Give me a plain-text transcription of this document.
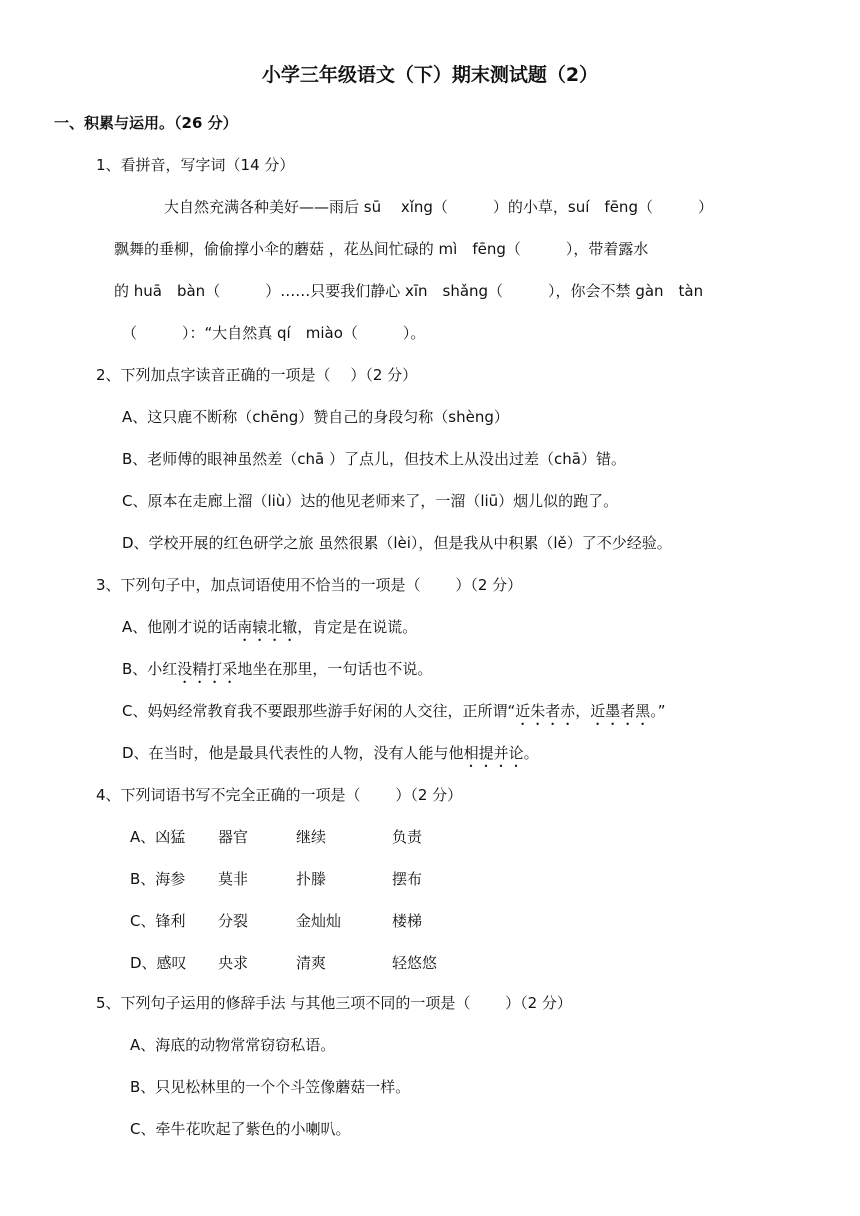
小学三年级语文（下）期末测试题（2）
一、积累与运用。（26 分）
1、看拼音，写字词（14 分）
大自然充满各种美好——雨后 sū　 xǐng（　　　）的小草，suí　fēng（　　　）
飘舞的垂柳，偷偷撑小伞的蘑菇 ，花丛间忙碌的 mì　fēng（　　　），带着露水
的 huā　bàn（　　　）……只要我们静心 xīn　shǎng（　　　），你会不禁 gàn　tàn
（　　　）：“大自然真 qí　miào（　　　）。
2、下列加点字读音正确的一项是（　 ）（2 分）
A、这只鹿不断称（chēng）赞自己的身段匀称（shèng）
B、老师傅的眼神虽然差（chā ）了点儿，但技术上从没出过差（chā）错。
C、原本在走廊上溜（liù）达的他见老师来了，一溜（liū）烟儿似的跑了。
D、学校开展的红色研学之旅 虽然很累（lèi），但是我从中积累（lě）了不少经验。
3、下列句子中，加点词语使用不恰当的一项是（　　 ）（2 分）
A、他刚才说的话南辕北辙，肯定是在说谎。
B、小红没精打采地坐在那里，一句话也不说。
C、妈妈经常教育我不要跟那些游手好闲的人交往，正所谓“近朱者赤，近墨者黑。”
D、在当时，他是最具代表性的人物，没有人能与他相提并论。
4、下列词语书写不完全正确的一项是（　　 ）（2 分）
A、凶猛 器官	继续	负责
B、海参 莫非	扑滕	摆布
C、锋利 分裂	金灿灿	楼梯
D、感叹 央求	清爽	轻悠悠
5、下列句子运用的修辞手法 与其他三项不同的一项是（　　 ）（2 分）
A、海底的动物常常窃窃私语。
B、只见松林里的一个个斗笠像蘑菇一样。
C、牵牛花吹起了紫色的小喇叭。
